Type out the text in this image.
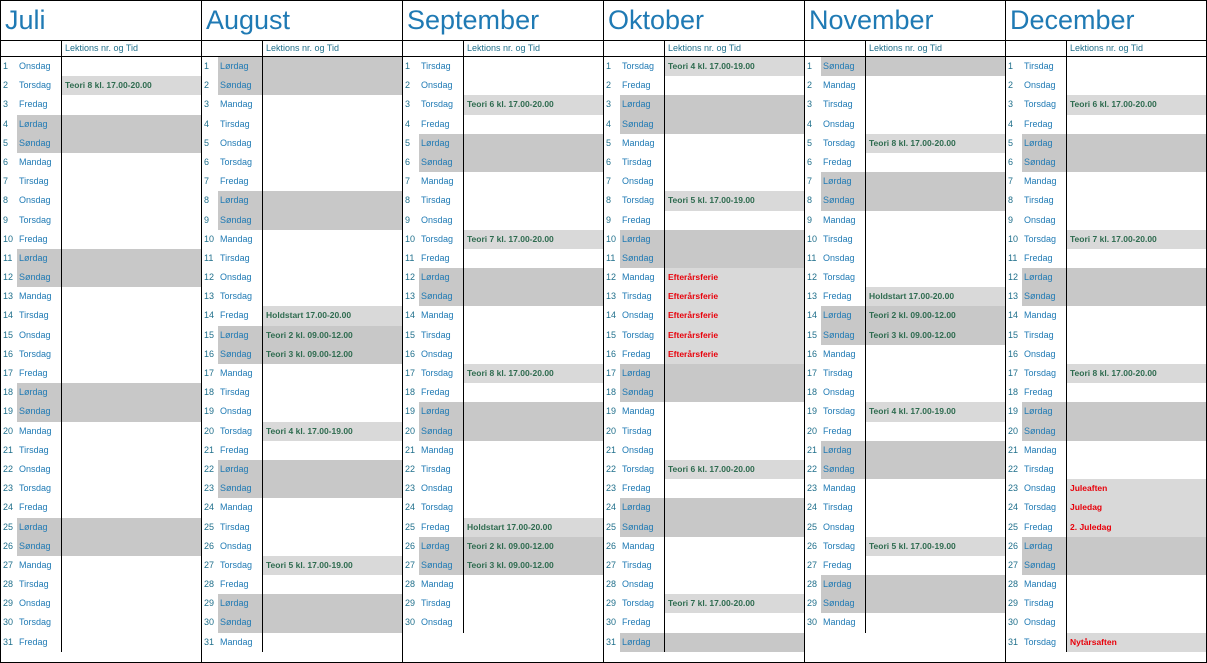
Juli
Lektions nr. og Tid
1	Onsdag
2	Torsdag	Teori 8 kl. 17.00-20.00
3	Fredag
4	Lørdag
5	Søndag
6	Mandag
7	Tirsdag
8	Onsdag
9	Torsdag
10 Fredag
11 Lørdag
12 Søndag
13 Mandag
14 Tirsdag
15 Onsdag
16 Torsdag
17 Fredag
18 Lørdag
19 Søndag
20 Mandag
21 Tirsdag
22 Onsdag
23 Torsdag
24 Fredag
25 Lørdag
26 Søndag
27 Mandag
28 Tirsdag
29 Onsdag
30 Torsdag
31 Fredag
August
Lektions nr. og Tid
1	Lørdag
2	Søndag
3	Mandag
4	Tirsdag
5	Onsdag
6	Torsdag
7	Fredag
8	Lørdag
9	Søndag
10 Mandag
11 Tirsdag
12 Onsdag
13 Torsdag
14 Fredag	Holdstart 17.00-20.00
15 Lørdag	Teori 2 kl. 09.00-12.00
16 Søndag	Teori 3 kl. 09.00-12.00
17 Mandag
18 Tirsdag
19 Onsdag
20 Torsdag	Teori 4 kl. 17.00-19.00
21 Fredag
22 Lørdag
23 Søndag
24 Mandag
25 Tirsdag
26 Onsdag
27 Torsdag	Teori 5 kl. 17.00-19.00
28 Fredag
29 Lørdag
30 Søndag
31 Mandag
September
Lektions nr. og Tid
1	Tirsdag
2	Onsdag
3	Torsdag	Teori 6 kl. 17.00-20.00
4	Fredag
5	Lørdag
6	Søndag
7	Mandag
8	Tirsdag
9	Onsdag
10 Torsdag	Teori 7 kl. 17.00-20.00
11 Fredag
12 Lørdag
13 Søndag
14 Mandag
15 Tirsdag
16 Onsdag
17 Torsdag	Teori 8 kl. 17.00-20.00
18 Fredag
19 Lørdag
20 Søndag
21 Mandag
22 Tirsdag
23 Onsdag
24 Torsdag
25 Fredag	Holdstart 17.00-20.00
26 Lørdag	Teori 2 kl. 09.00-12.00
27 Søndag	Teori 3 kl. 09.00-12.00
28 Mandag
29 Tirsdag
30 Onsdag
Oktober
Lektions nr. og Tid
1	Torsdag	Teori 4 kl. 17.00-19.00
2	Fredag
3	Lørdag
4	Søndag
5	Mandag
6	Tirsdag
7	Onsdag
8	Torsdag	Teori 5 kl. 17.00-19.00
9	Fredag
10 Lørdag
11 Søndag
12 Mandag	Efterårsferie
13 Tirsdag	Efterårsferie
14 Onsdag	Efterårsferie
15 Torsdag	Efterårsferie
16 Fredag	Efterårsferie
17 Lørdag
18 Søndag
19 Mandag
20 Tirsdag
21 Onsdag
22 Torsdag	Teori 6 kl. 17.00-20.00
23 Fredag
24 Lørdag
25 Søndag
26 Mandag
27 Tirsdag
28 Onsdag
29 Torsdag	Teori 7 kl. 17.00-20.00
30 Fredag
31 Lørdag
November
Lektions nr. og Tid
1	Søndag
2	Mandag
3	Tirsdag
4	Onsdag
5	Torsdag	Teori 8 kl. 17.00-20.00
6	Fredag
7	Lørdag
8	Søndag
9	Mandag
10 Tirsdag
11 Onsdag
12 Torsdag
13 Fredag	Holdstart 17.00-20.00
14 Lørdag	Teori 2 kl. 09.00-12.00
15 Søndag	Teori 3 kl. 09.00-12.00
16 Mandag
17 Tirsdag
18 Onsdag
19 Torsdag	Teori 4 kl. 17.00-19.00
20 Fredag
21 Lørdag
22 Søndag
23 Mandag
24 Tirsdag
25 Onsdag
26 Torsdag	Teori 5 kl. 17.00-19.00
27 Fredag
28 Lørdag
29 Søndag
30 Mandag
December
Lektions nr. og Tid
1	Tirsdag
2	Onsdag
3	Torsdag	Teori 6 kl. 17.00-20.00
4	Fredag
5	Lørdag
6	Søndag
7	Mandag
8	Tirsdag
9	Onsdag
10 Torsdag	Teori 7 kl. 17.00-20.00
11 Fredag
12 Lørdag
13 Søndag
14 Mandag
15 Tirsdag
16 Onsdag
17 Torsdag	Teori 8 kl. 17.00-20.00
18 Fredag
19 Lørdag
20 Søndag
21 Mandag
22 Tirsdag
23 Onsdag	Juleaften
24 Torsdag	Juledag
25 Fredag	2. Juledag
26 Lørdag
27 Søndag
28 Mandag
29 Tirsdag
30 Onsdag
31 Torsdag	Nytårsaften
